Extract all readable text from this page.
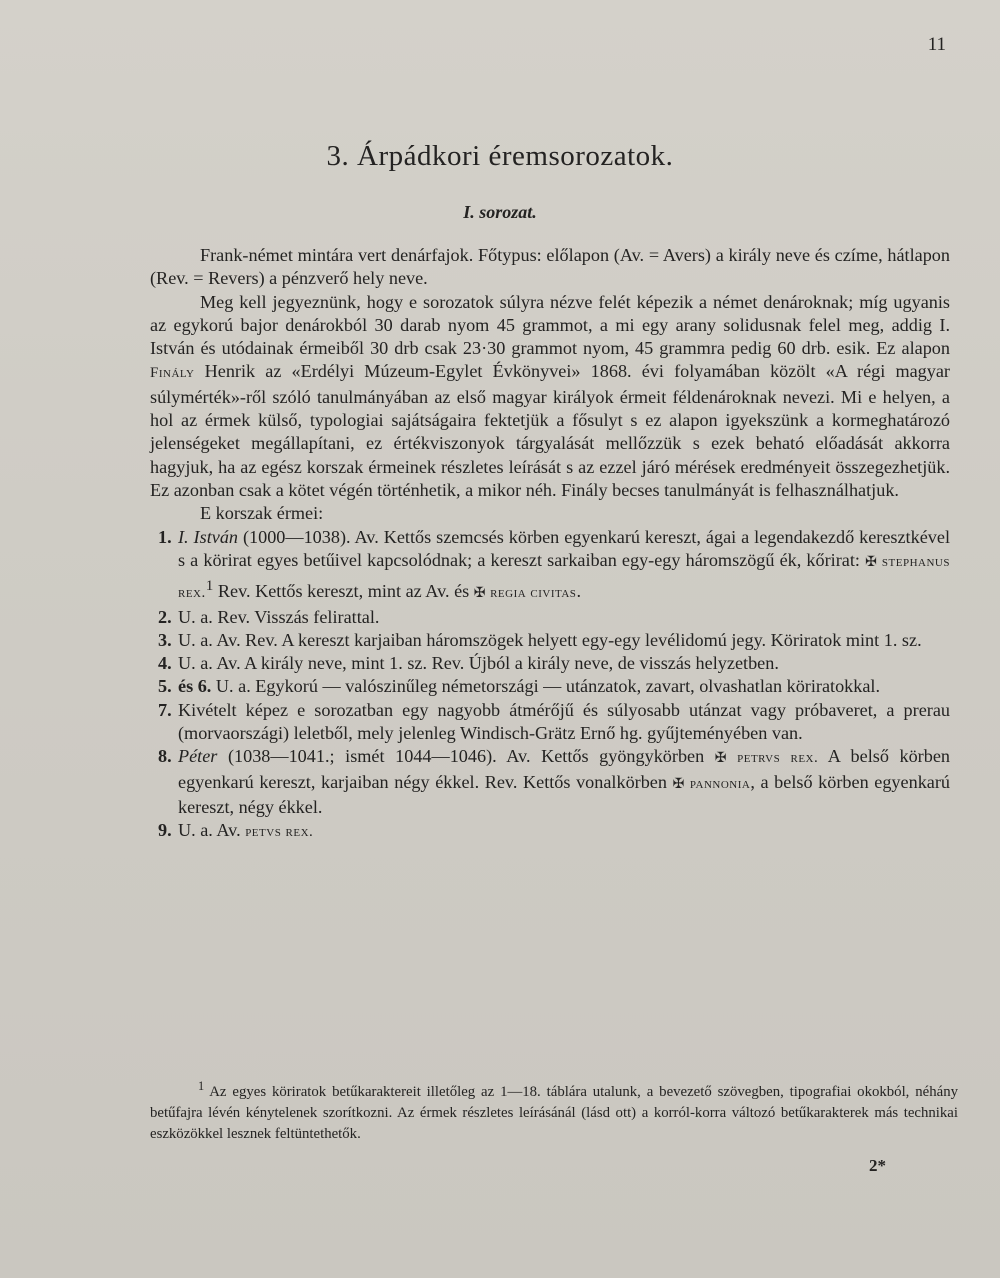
11
3. Árpádkori éremsorozatok.
I. sorozat.

Frank-német mintára vert denárfajok. Főtypus: előlapon (Av. = Avers) a király neve és czíme, hátlapon (Rev. = Revers) a pénzverő hely neve.

Meg kell jegyeznünk, hogy e sorozatok súlyra nézve felét képezik a német denároknak; míg ugyanis az egykorú bajor denárokból 30 darab nyom 45 grammot, a mi egy arany solidusnak felel meg, addig I. István és utódainak érmeiből 30 drb csak 23·30 grammot nyom, 45 grammra pedig 60 drb. esik. Ez alapon Finály Henrik az «Erdélyi Múzeum-Egylet Évkönyvei» 1868. évi folyamában közölt «A régi magyar súlymérték»-ről szóló tanulmányában az első magyar királyok érmeit féldenároknak nevezi. Mi e helyen, a hol az érmek külső, typologiai sajátságaira fektetjük a fősulyt s ez alapon igyekszünk a kormeghatározó jelenségeket megállapítani, ez értékviszonyok tárgyalását mellőzzük s ezek beható előadását akkorra hagyjuk, ha az egész korszak érmeinek részletes leírását s az ezzel járó mérések eredményeit összegezhetjük. Ez azonban csak a kötet végén történhetik, a mikor néh. Finály becses tanulmányát is felhasználhatjuk.

E korszak érmei:

1. I. István (1000—1038). Av. Kettős szemcsés körben egyenkarú kereszt, ágai a legendakezdő keresztkével s a körirat egyes betűivel kapcsolódnak; a kereszt sarkaiban egy-egy háromszögű ék, kőrirat: ✠ stephanus rex.$^1$ Rev. Kettős kereszt, mint az Av. és ✠ regia civitas.
2. U. a. Rev. Visszás felirattal.
3. U. a. Av. Rev. A kereszt karjaiban háromszögek helyett egy-egy levélidomú jegy. Köriratok mint 1. sz.
4. U. a. Av. A király neve, mint 1. sz. Rev. Újból a király neve, de visszás helyzetben.
5. és 6. U. a. Egykorú — valószinűleg németországi — utánzatok, zavart, olvashatlan köriratokkal.
7. Kivételt képez e sorozatban egy nagyobb átmérőjű és súlyosabb utánzat vagy próbaveret, a prerau (morvaországi) leletből, mely jelenleg Windisch-Grätz Ernő hg. gyűjteményében van.
8. Péter (1038—1041.; ismét 1044—1046). Av. Kettős gyöngykörben ✠ petrvs rex. A belső körben egyenkarú kereszt, karjaiban négy ékkel. Rev. Kettős vonalkörben ✠ pannonia, a belső körben egyenkarú kereszt, négy ékkel.
9. U. a. Av. petvs rex.

$^1$ Az egyes köriratok betűkaraktereit illetőleg az 1—18. táblára utalunk, a bevezető szövegben, tipografiai okokból, néhány betűfajra lévén kénytelenek szorítkozni. Az érmek részletes leírásánál (lásd ott) a korról-korra változó betűkarakterek más technikai eszközökkel lesznek feltüntethetők.

2*
